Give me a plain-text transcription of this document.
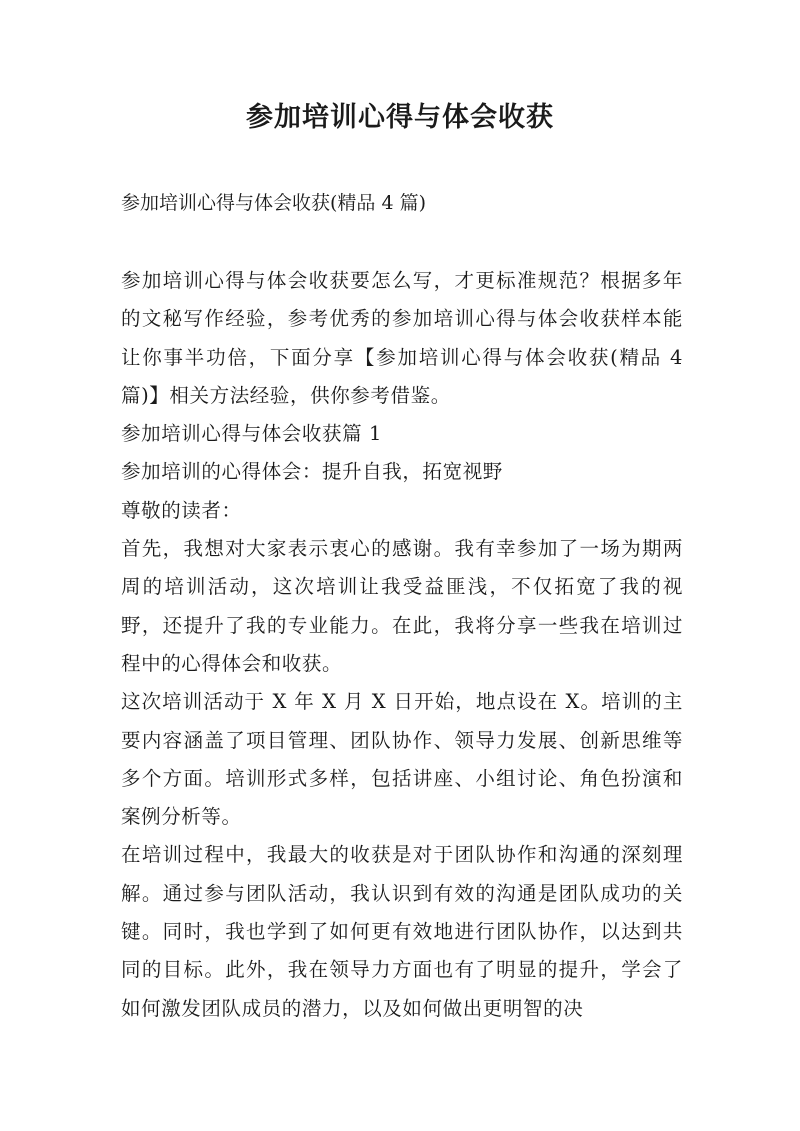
参加培训心得与体会收获

参加培训心得与体会收获(精品 4 篇)

参加培训心得与体会收获要怎么写，才更标准规范？根据多年的文秘写作经验，参考优秀的参加培训心得与体会收获样本能让你事半功倍，下面分享【参加培训心得与体会收获(精品 4 篇)】相关方法经验，供你参考借鉴。

参加培训心得与体会收获篇 1

参加培训的心得体会：提升自我，拓宽视野

尊敬的读者：

首先，我想对大家表示衷心的感谢。我有幸参加了一场为期两周的培训活动，这次培训让我受益匪浅，不仅拓宽了我的视野，还提升了我的专业能力。在此，我将分享一些我在培训过程中的心得体会和收获。

这次培训活动于 X 年 X 月 X 日开始，地点设在 X。培训的主要内容涵盖了项目管理、团队协作、领导力发展、创新思维等多个方面。培训形式多样，包括讲座、小组讨论、角色扮演和案例分析等。

在培训过程中，我最大的收获是对于团队协作和沟通的深刻理解。通过参与团队活动，我认识到有效的沟通是团队成功的关键。同时，我也学到了如何更有效地进行团队协作，以达到共同的目标。此外，我在领导力方面也有了明显的提升，学会了如何激发团队成员的潜力，以及如何做出更明智的决
